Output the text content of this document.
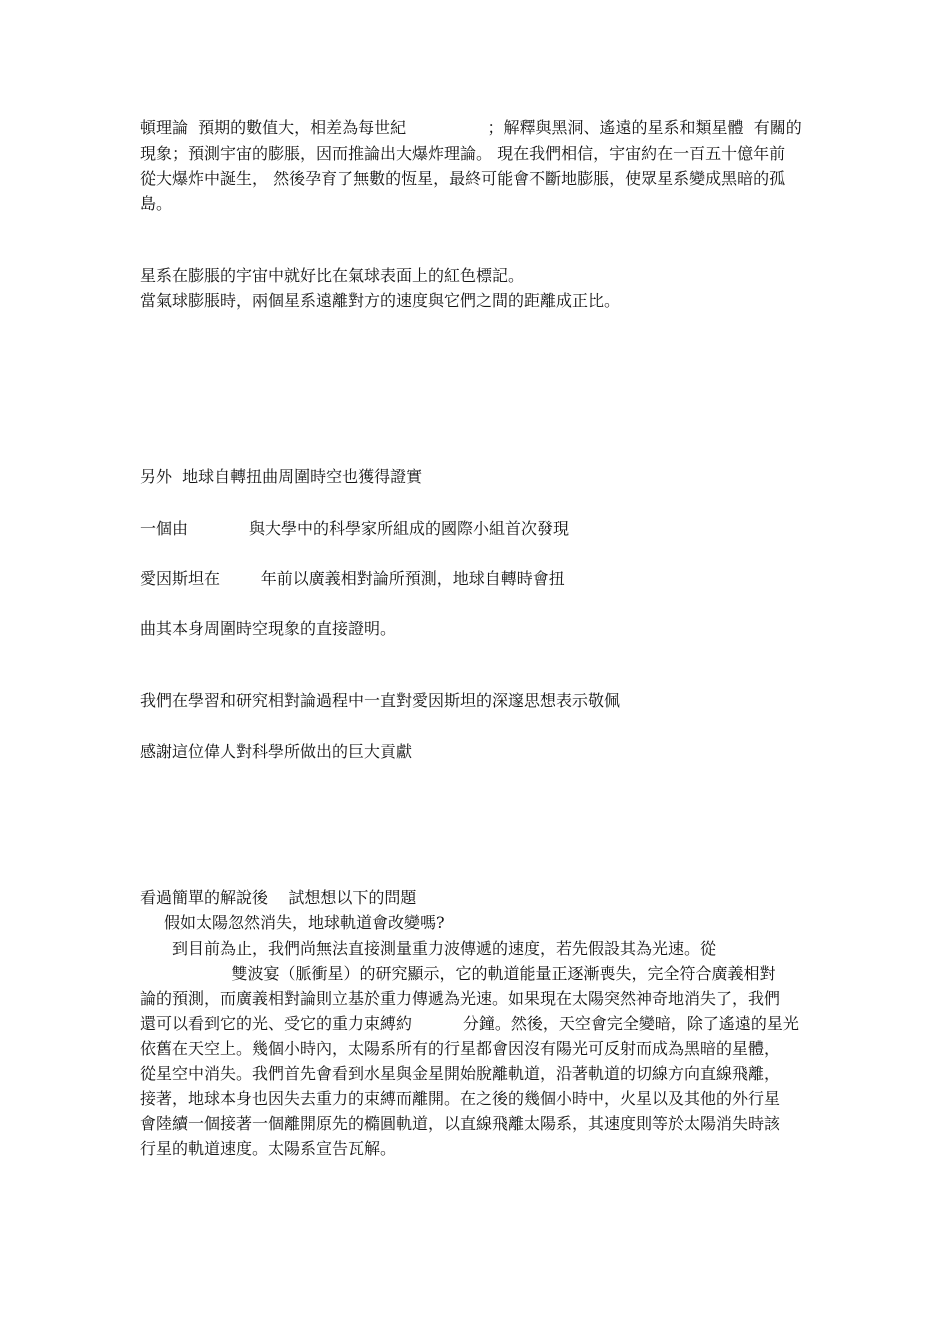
頓理論  預期的數值大，相差為每世紀                ；解釋與黑洞、遙遠的星系和類星體  有關的
現象；預測宇宙的膨脹，因而推論出大爆炸理論。 現在我們相信，宇宙約在一百五十億年前
從大爆炸中誕生， 然後孕育了無數的恆星，最終可能會不斷地膨脹，使眾星系變成黑暗的孤
島。
星系在膨脹的宇宙中就好比在氣球表面上的紅色標記。
當氣球膨脹時，兩個星系遠離對方的速度與它們之間的距離成正比。
另外  地球自轉扭曲周圍時空也獲得證實
一個由            與大學中的科學家所組成的國際小組首次發現
愛因斯坦在        年前以廣義相對論所預測，地球自轉時會扭
曲其本身周圍時空現象的直接證明。
我們在學習和研究相對論過程中一直對愛因斯坦的深邃思想表示敬佩
感謝這位偉人對科學所做出的巨大貢獻
看過簡單的解說後    試想想以下的問題
假如太陽忽然消失，地球軌道會改變嗎?
到目前為止，我們尚無法直接測量重力波傳遞的速度，若先假設其為光速。從
雙波宴（脈衝星）的研究顯示，它的軌道能量正逐漸喪失，完全符合廣義相對
論的預測，而廣義相對論則立基於重力傳遞為光速。如果現在太陽突然神奇地消失了，我們
還可以看到它的光、受它的重力束縛約          分鐘。然後，天空會完全變暗，除了遙遠的星光
依舊在天空上。幾個小時內，太陽系所有的行星都會因沒有陽光可反射而成為黑暗的星體，
從星空中消失。我們首先會看到水星與金星開始脫離軌道，沿著軌道的切線方向直線飛離，
接著，地球本身也因失去重力的束縛而離開。在之後的幾個小時中，火星以及其他的外行星
會陸續一個接著一個離開原先的橢圓軌道，以直線飛離太陽系，其速度則等於太陽消失時該
行星的軌道速度。太陽系宣告瓦解。
